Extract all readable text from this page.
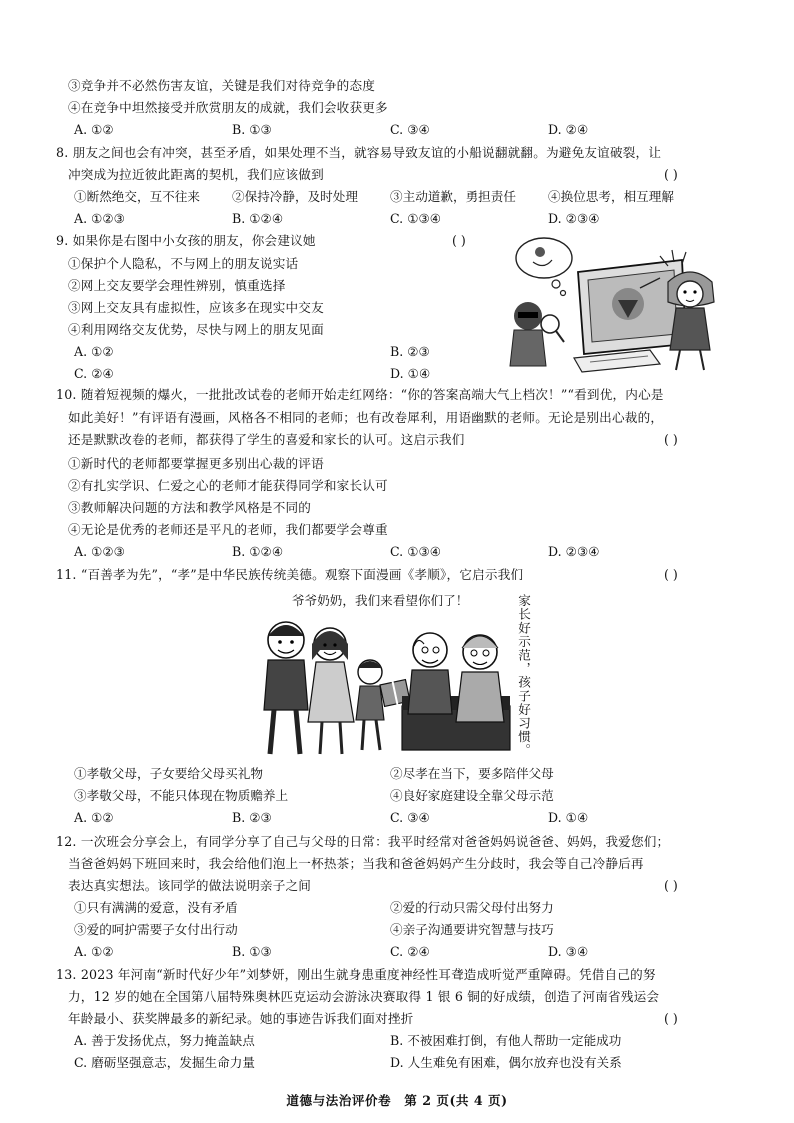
③竞争并不必然伤害友谊，关键是我们对待竞争的态度
④在竞争中坦然接受并欣赏朋友的成就，我们会收获更多
A. ①②	B. ①③	C. ③④	D. ②④
8. 朋友之间也会有冲突，甚至矛盾，如果处理不当，就容易导致友谊的小船说翻就翻。为避免友谊破裂，让
冲突成为拉近彼此距离的契机，我们应该做到	( )
①断然绝交，互不往来	②保持冷静，及时处理	③主动道歉，勇担责任	④换位思考，相互理解
A. ①②③	B. ①②④	C. ①③④	D. ②③④
9. 如果你是右图中小女孩的朋友，你会建议她	( )
①保护个人隐私，不与网上的朋友说实话
②网上交友要学会理性辨别，慎重选择
③网上交友具有虚拟性，应该多在现实中交友
④利用网络交友优势，尽快与网上的朋友见面
A. ①②	B. ②③
C. ②④	D. ①④
10. 随着短视频的爆火，一批批改试卷的老师开始走红网络：“你的答案高端大气上档次！”“看到优，内心是
如此美好！”有评语有漫画，风格各不相同的老师；也有改卷犀利，用语幽默的老师。无论是别出心裁的，
还是默默改卷的老师，都获得了学生的喜爱和家长的认可。这启示我们	( )
①新时代的老师都要掌握更多别出心裁的评语
②有扎实学识、仁爱之心的老师才能获得同学和家长认可
③教师解决问题的方法和教学风格是不同的
④无论是优秀的老师还是平凡的老师，我们都要学会尊重
A. ①②③	B. ①②④	C. ①③④	D. ②③④
11. “百善孝为先”，“孝”是中华民族传统美德。观察下面漫画《孝顺》，它启示我们	( )
爷爷奶奶，我们来看望你们了！	家长好示范，孩子好习惯。
①孝敬父母，子女要给父母买礼物	②尽孝在当下，要多陪伴父母
③孝敬父母，不能只体现在物质赡养上	④良好家庭建设全靠父母示范
A. ①②	B. ②③	C. ③④	D. ①④
12. 一次班会分享会上，有同学分享了自己与父母的日常：我平时经常对爸爸妈妈说爸爸、妈妈，我爱您们；
当爸爸妈妈下班回来时，我会给他们泡上一杯热茶；当我和爸爸妈妈产生分歧时，我会等自己冷静后再
表达真实想法。该同学的做法说明亲子之间	( )
①只有满满的爱意，没有矛盾	②爱的行动只需父母付出努力
③爱的呵护需要子女付出行动	④亲子沟通要讲究智慧与技巧
A. ①②	B. ①③	C. ②④	D. ③④
13. 2023 年河南“新时代好少年”刘梦妍，刚出生就身患重度神经性耳聋造成听觉严重障碍。凭借自己的努
力，12 岁的她在全国第八届特殊奥林匹克运动会游泳决赛取得 1 银 6 铜的好成绩，创造了河南省残运会
年龄最小、获奖牌最多的新纪录。她的事迹告诉我们面对挫折	( )
A. 善于发扬优点，努力掩盖缺点	B. 不被困难打倒，有他人帮助一定能成功
C. 磨砺坚强意志，发掘生命力量	D. 人生难免有困难，偶尔放弃也没有关系
道德与法治评价卷　第 2 页(共 4 页)
